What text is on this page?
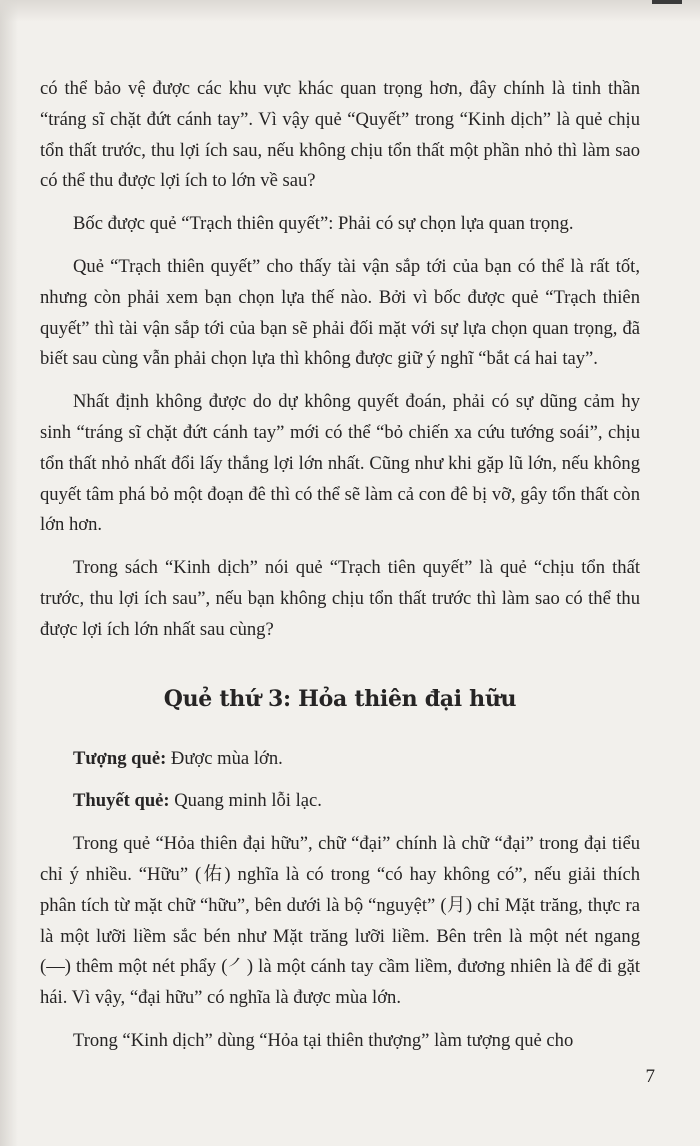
có thể bảo vệ được các khu vực khác quan trọng hơn, đây chính là tinh thần “tráng sĩ chặt đứt cánh tay”. Vì vậy quẻ “Quyết” trong “Kinh dịch” là quẻ chịu tổn thất trước, thu lợi ích sau, nếu không chịu tổn thất một phần nhỏ thì làm sao có thể thu được lợi ích to lớn về sau?

Bốc được quẻ “Trạch thiên quyết”: Phải có sự chọn lựa quan trọng.

Quẻ “Trạch thiên quyết” cho thấy tài vận sắp tới của bạn có thể là rất tốt, nhưng còn phải xem bạn chọn lựa thế nào. Bởi vì bốc được quẻ “Trạch thiên quyết” thì tài vận sắp tới của bạn sẽ phải đối mặt với sự lựa chọn quan trọng, đã biết sau cùng vẫn phải chọn lựa thì không được giữ ý nghĩ “bắt cá hai tay”.

Nhất định không được do dự không quyết đoán, phải có sự dũng cảm hy sinh “tráng sĩ chặt đứt cánh tay” mới có thể “bỏ chiến xa cứu tướng soái”, chịu tổn thất nhỏ nhất đổi lấy thắng lợi lớn nhất. Cũng như khi gặp lũ lớn, nếu không quyết tâm phá bỏ một đoạn đê thì có thể sẽ làm cả con đê bị vỡ, gây tổn thất còn lớn hơn.

Trong sách “Kinh dịch” nói quẻ “Trạch tiên quyết” là quẻ “chịu tổn thất trước, thu lợi ích sau”, nếu bạn không chịu tổn thất trước thì làm sao có thể thu được lợi ích lớn nhất sau cùng?

Quẻ thứ 3: Hỏa thiên đại hữu

Tượng quẻ: Được mùa lớn.

Thuyết quẻ: Quang minh lỗi lạc.

Trong quẻ “Hỏa thiên đại hữu”, chữ “đại” chính là chữ “đại” trong đại tiểu chỉ ý nhiều. “Hữu” (佑) nghĩa là có trong “có hay không có”, nếu giải thích phân tích từ mặt chữ “hữu”, bên dưới là bộ “nguyệt” (月) chỉ Mặt trăng, thực ra là một lưỡi liềm sắc bén như Mặt trăng lưỡi liềm. Bên trên là một nét ngang (—) thêm một nét phẩy (㇒) là một cánh tay cầm liềm, đương nhiên là để đi gặt hái. Vì vậy, “đại hữu” có nghĩa là được mùa lớn.

Trong “Kinh dịch” dùng “Hỏa tại thiên thượng” làm tượng quẻ cho

7
